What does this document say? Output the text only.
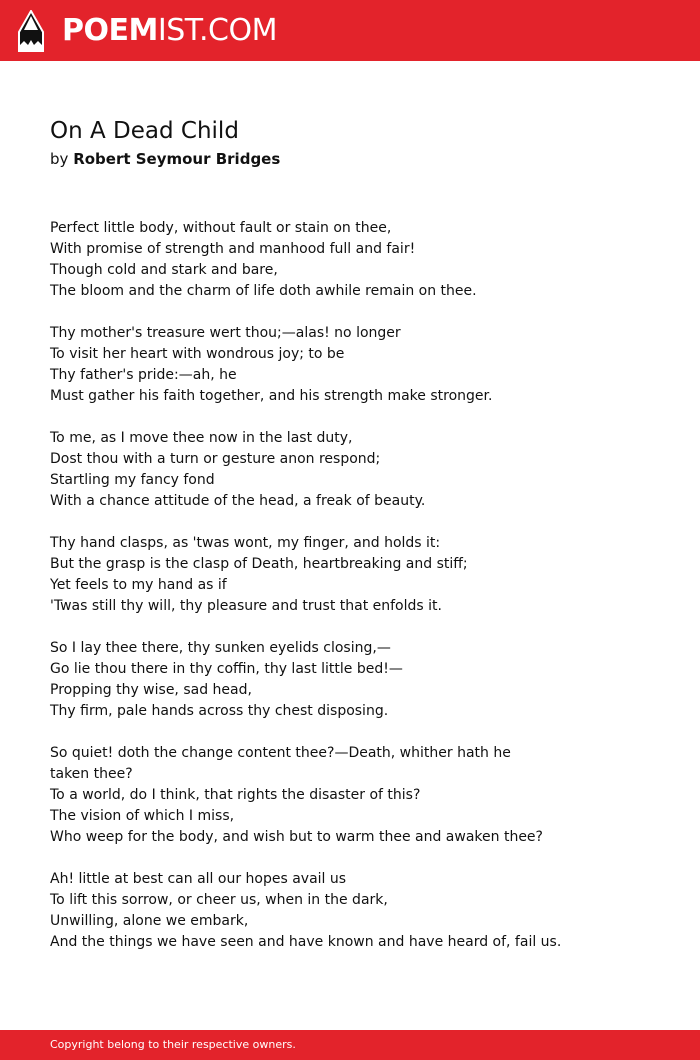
POEMIST.COM
On A Dead Child
by Robert Seymour Bridges
Perfect little body, without fault or stain on thee,
With promise of strength and manhood full and fair!
Though cold and stark and bare,
The bloom and the charm of life doth awhile remain on thee.
Thy mother's treasure wert thou;—alas! no longer
To visit her heart with wondrous joy; to be
Thy father's pride:—ah, he
Must gather his faith together, and his strength make stronger.
To me, as I move thee now in the last duty,
Dost thou with a turn or gesture anon respond;
Startling my fancy fond
With a chance attitude of the head, a freak of beauty.
Thy hand clasps, as 'twas wont, my finger, and holds it:
But the grasp is the clasp of Death, heartbreaking and stiff;
Yet feels to my hand as if
'Twas still thy will, thy pleasure and trust that enfolds it.
So I lay thee there, thy sunken eyelids closing,—
Go lie thou there in thy coffin, thy last little bed!—
Propping thy wise, sad head,
Thy firm, pale hands across thy chest disposing.
So quiet! doth the change content thee?—Death, whither hath he taken thee?
To a world, do I think, that rights the disaster of this?
The vision of which I miss,
Who weep for the body, and wish but to warm thee and awaken thee?
Ah! little at best can all our hopes avail us
To lift this sorrow, or cheer us, when in the dark,
Unwilling, alone we embark,
And the things we have seen and have known and have heard of, fail us.
Copyright belong to their respective owners.
